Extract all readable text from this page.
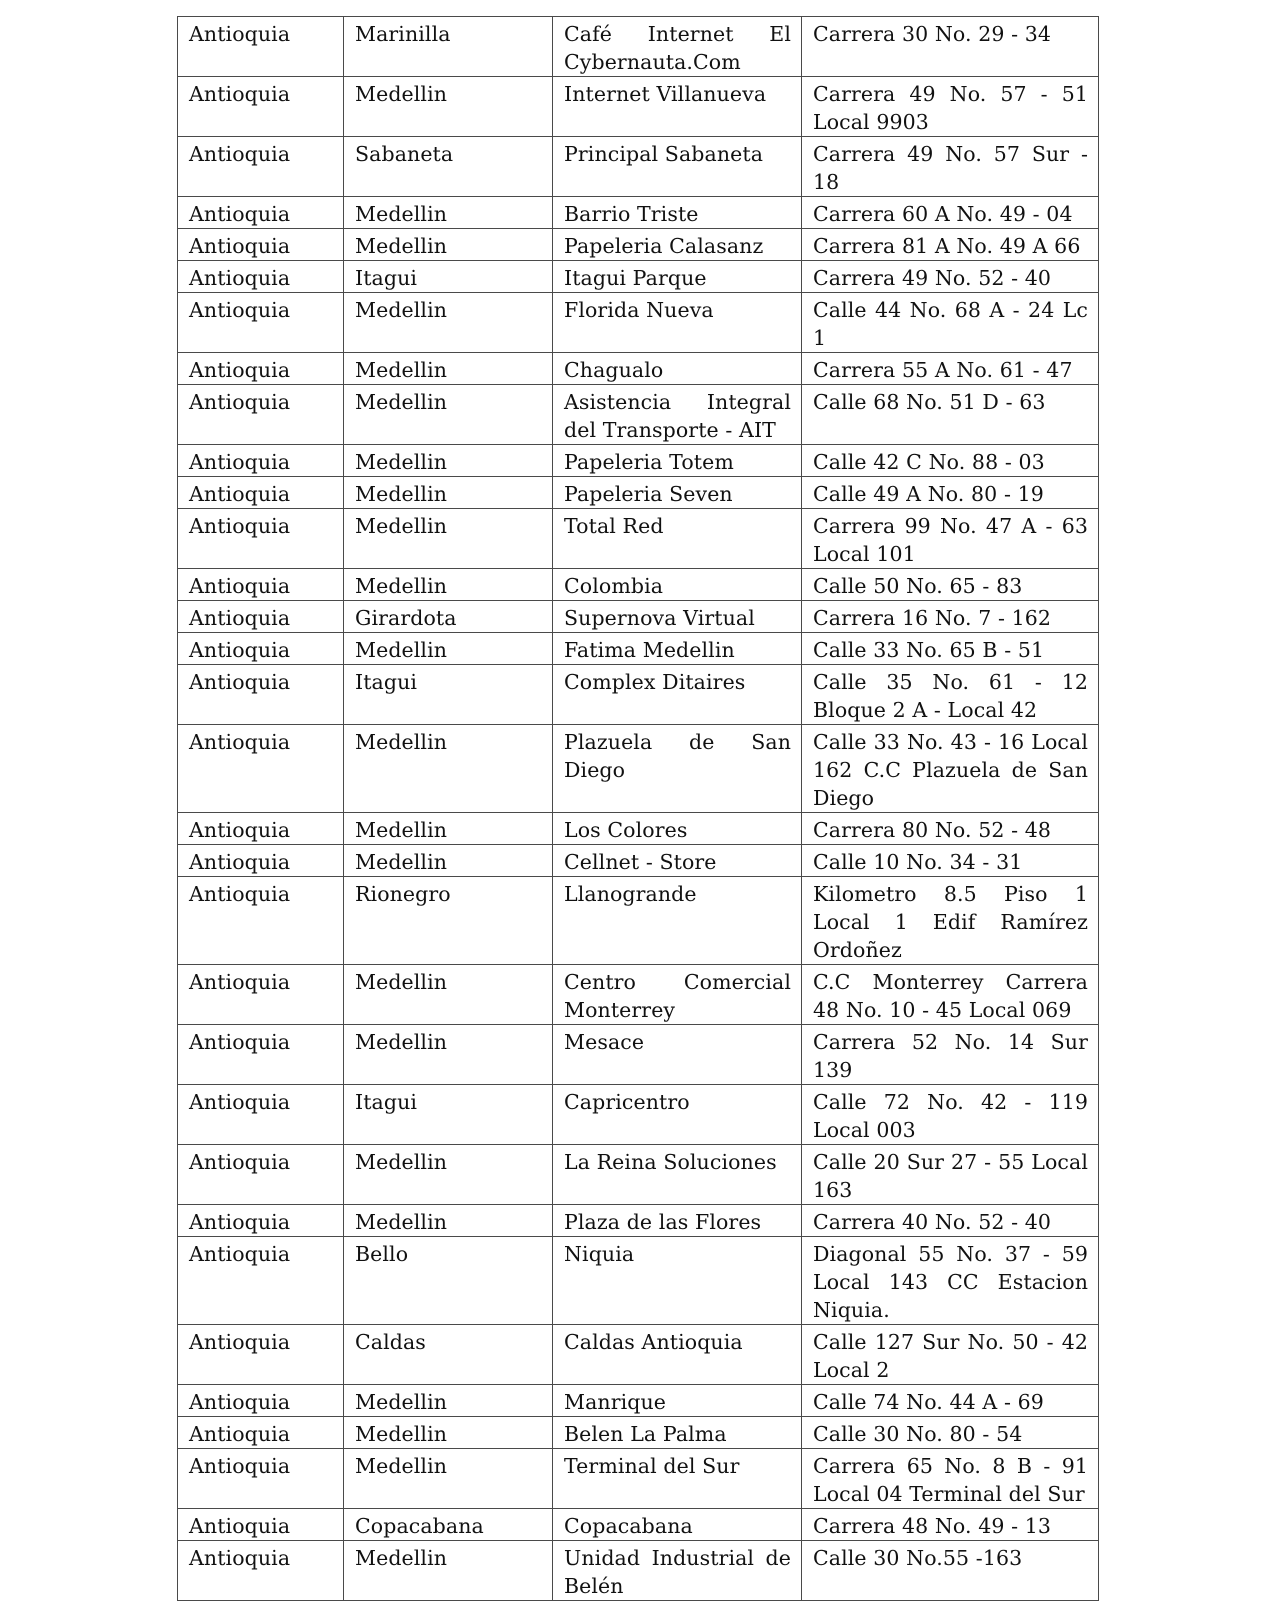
Antioquia	Marinilla	Café Internet El Cybernauta.Com	Carrera 30 No. 29 - 34
Antioquia	Medellin	Internet Villanueva	Carrera 49 No. 57 - 51 Local 9903
Antioquia	Sabaneta	Principal Sabaneta	Carrera 49 No. 57 Sur - 18
Antioquia	Medellin	Barrio Triste	Carrera 60 A No. 49 - 04
Antioquia	Medellin	Papeleria Calasanz	Carrera 81 A No. 49 A 66
Antioquia	Itagui	Itagui Parque	Carrera 49 No. 52 - 40
Antioquia	Medellin	Florida Nueva	Calle 44 No. 68 A - 24 Lc 1
Antioquia	Medellin	Chagualo	Carrera 55 A No. 61 - 47
Antioquia	Medellin	Asistencia Integral del Transporte - AIT	Calle 68 No. 51 D - 63
Antioquia	Medellin	Papeleria Totem	Calle 42 C No. 88 - 03
Antioquia	Medellin	Papeleria Seven	Calle 49 A No. 80 - 19
Antioquia	Medellin	Total Red	Carrera 99 No. 47 A - 63 Local 101
Antioquia	Medellin	Colombia	Calle 50 No. 65 - 83
Antioquia	Girardota	Supernova Virtual	Carrera 16 No. 7 - 162
Antioquia	Medellin	Fatima Medellin	Calle 33 No. 65 B - 51
Antioquia	Itagui	Complex Ditaires	Calle 35 No. 61 - 12 Bloque 2 A - Local 42
Antioquia	Medellin	Plazuela de San Diego	Calle 33 No. 43 - 16 Local 162 C.C Plazuela de San Diego
Antioquia	Medellin	Los Colores	Carrera 80 No. 52 - 48
Antioquia	Medellin	Cellnet - Store	Calle 10 No. 34 - 31
Antioquia	Rionegro	Llanogrande	Kilometro 8.5 Piso 1 Local 1 Edif Ramírez Ordoñez
Antioquia	Medellin	Centro Comercial Monterrey	C.C Monterrey Carrera 48 No. 10 - 45 Local 069
Antioquia	Medellin	Mesace	Carrera 52 No. 14 Sur 139
Antioquia	Itagui	Capricentro	Calle 72 No. 42 - 119 Local 003
Antioquia	Medellin	La Reina Soluciones	Calle 20 Sur 27 - 55 Local 163
Antioquia	Medellin	Plaza de las Flores	Carrera 40 No. 52 - 40
Antioquia	Bello	Niquia	Diagonal 55 No. 37 - 59 Local 143 CC Estacion Niquia.
Antioquia	Caldas	Caldas Antioquia	Calle 127 Sur No. 50 - 42 Local 2
Antioquia	Medellin	Manrique	Calle 74 No. 44 A - 69
Antioquia	Medellin	Belen La Palma	Calle 30 No. 80 - 54
Antioquia	Medellin	Terminal del Sur	Carrera 65 No. 8 B - 91 Local 04 Terminal del Sur
Antioquia	Copacabana	Copacabana	Carrera 48 No. 49 - 13
Antioquia	Medellin	Unidad Industrial de Belén	Calle 30 No.55 -163
